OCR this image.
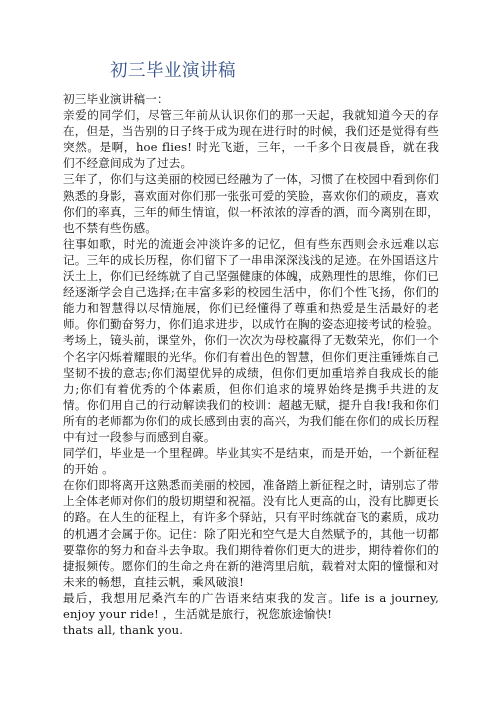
初三毕业演讲稿

初三毕业演讲稿一：

亲爱的同学们，尽管三年前从认识你们的那一天起，我就知道今天的存在，但是，当告别的日子终于成为现在进行时的时候，我们还是觉得有些突然。是啊，hoe flies! 时光飞逝，三年，一千多个日夜晨昏，就在我们不经意间成为了过去。

三年了，你们与这美丽的校园已经融为了一体，习惯了在校园中看到你们熟悉的身影，喜欢面对你们那一张张可爱的笑脸，喜欢你们的顽皮，喜欢你们的率真，三年的师生情谊，似一杯浓浓的淳香的酒，而今离别在即，也不禁有些伤感。

往事如歌，时光的流逝会冲淡许多的记忆，但有些东西则会永远难以忘记。三年的成长历程，你们留下了一串串深深浅浅的足迹。在外国语这片沃土上，你们已经练就了自己坚强健康的体魄，成熟理性的思维，你们已经逐渐学会自己选择;在丰富多彩的校园生活中，你们个性飞扬，你们的能力和智慧得以尽情施展，你们已经懂得了尊重和热爱是生活最好的老师。你们勤奋努力，你们追求进步，以成竹在胸的姿态迎接考试的检验。考场上，镜头前，课堂外，你们一次次为母校赢得了无数荣光，你们一个个名字闪烁着耀眼的光华。你们有着出色的智慧，但你们更注重锤炼自己坚韧不拔的意志;你们渴望优异的成绩，但你们更加重培养自我成长的能力;你们有着优秀的个体素质，但你们追求的境界始终是携手共进的友情。你们用自己的行动解读我们的校训：超越无赋，提升自我!我和你们所有的老师都为你们的成长感到由衷的高兴，为我们能在你们的成长历程中有过一段参与而感到自豪。

同学们，毕业是一个里程碑。毕业其实不是结束，而是开始，一个新征程的开始 。

在你们即将离开这熟悉而美丽的校园，准备踏上新征程之时，请别忘了带上全体老师对你们的殷切期望和祝福。没有比人更高的山，没有比脚更长的路。在人生的征程上，有许多个驿站，只有平时练就奋飞的素质，成功的机遇才会属于你。记住：除了阳光和空气是大自然赋予的，其他一切都要靠你的努力和奋斗去争取。我们期待着你们更大的进步，期待着你们的捷报频传。愿你们的生命之舟在新的港湾里启航，载着对太阳的憧憬和对未来的畅想，直挂云帆，乘风破浪!

最后，我想用尼桑汽车的广告语来结束我的发言。life is a journey, enjoy your ride! ，生活就是旅行，祝您旅途愉快!

thats all, thank you.
